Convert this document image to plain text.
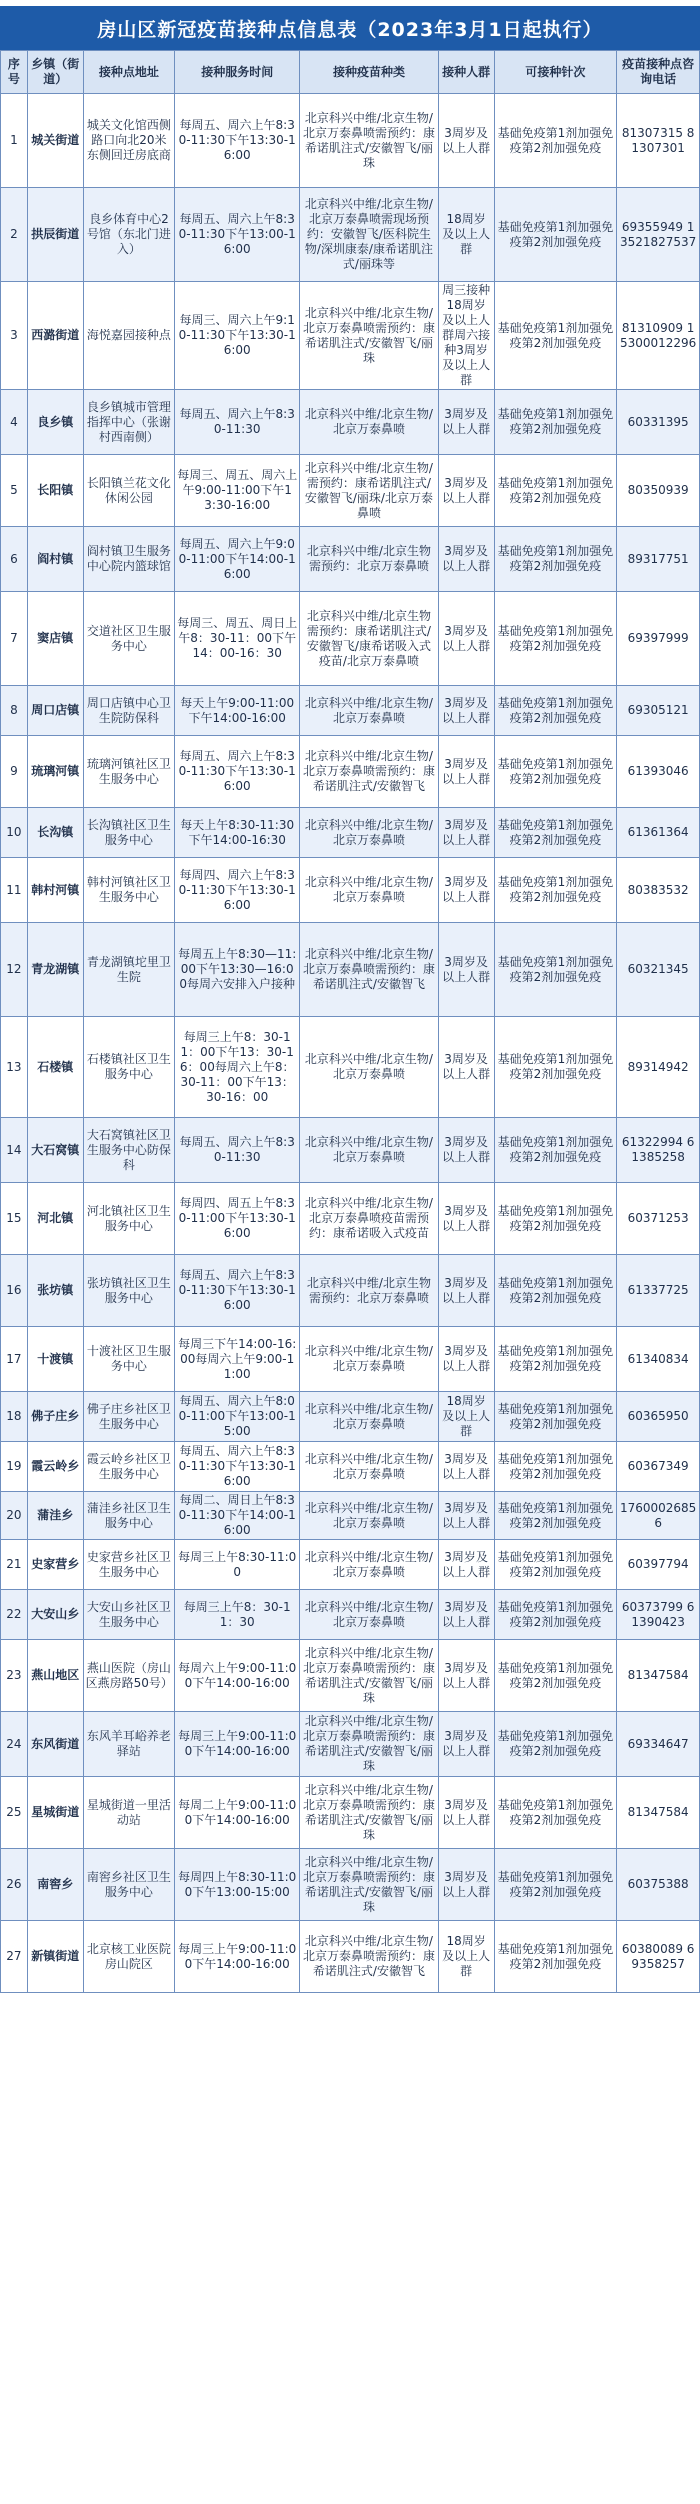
房山区新冠疫苗接种点信息表（2023年3月1日起执行）
序号	乡镇（街道）	接种点地址	接种服务时间	接种疫苗种类	接种人群	可接种针次	疫苗接种点咨询电话
1	城关街道	城关文化馆西侧路口向北20米东侧回迁房底商	每周五、周六上午8:30-11:30下午13:30-16:00	北京科兴中维/北京生物/北京万泰鼻喷需预约：康希诺肌注式/安徽智飞/丽珠	3周岁及以上人群	基础免疫第1剂加强免疫第2剂加强免疫	81307315 81307301
2	拱辰街道	良乡体育中心2号馆（东北门进入）	每周五、周六上午8:30-11:30下午13:00-16:00	北京科兴中维/北京生物/北京万泰鼻喷需现场预约：安徽智飞/医科院生物/深圳康泰/康希诺肌注式/丽珠等	18周岁及以上人群	基础免疫第1剂加强免疫第2剂加强免疫	69355949 13521827537
3	西潞街道	海悦嘉园接种点	每周三、周六上午9:10-11:30下午13:30-16:00	北京科兴中维/北京生物/北京万泰鼻喷需预约：康希诺肌注式/安徽智飞/丽珠	周三接种18周岁及以上人群周六接种3周岁及以上人群	基础免疫第1剂加强免疫第2剂加强免疫	81310909 15300012296
4	良乡镇	良乡镇城市管理指挥中心（张谢村西南侧）	每周五、周六上午8:30-11:30	北京科兴中维/北京生物/北京万泰鼻喷	3周岁及以上人群	基础免疫第1剂加强免疫第2剂加强免疫	60331395
5	长阳镇	长阳镇兰花文化休闲公园	每周三、周五、周六上午9:00-11:00下午13:30-16:00	北京科兴中维/北京生物/需预约：康希诺肌注式/安徽智飞/丽珠/北京万泰鼻喷	3周岁及以上人群	基础免疫第1剂加强免疫第2剂加强免疫	80350939
6	阎村镇	阎村镇卫生服务中心院内篮球馆	每周五、周六上午9:00-11:00下午14:00-16:00	北京科兴中维/北京生物需预约：北京万泰鼻喷	3周岁及以上人群	基础免疫第1剂加强免疫第2剂加强免疫	89317751
7	窦店镇	交道社区卫生服务中心	每周三、周五、周日上午8：30-11：00下午14：00-16：30	北京科兴中维/北京生物需预约：康希诺肌注式/安徽智飞/康希诺吸入式疫苗/北京万泰鼻喷	3周岁及以上人群	基础免疫第1剂加强免疫第2剂加强免疫	69397999
8	周口店镇	周口店镇中心卫生院防保科	每天上午9:00-11:00下午14:00-16:00	北京科兴中维/北京生物/北京万泰鼻喷	3周岁及以上人群	基础免疫第1剂加强免疫第2剂加强免疫	69305121
9	琉璃河镇	琉璃河镇社区卫生服务中心	每周五、周六上午8:30-11:30下午13:30-16:00	北京科兴中维/北京生物/北京万泰鼻喷需预约：康希诺肌注式/安徽智飞	3周岁及以上人群	基础免疫第1剂加强免疫第2剂加强免疫	61393046
10	长沟镇	长沟镇社区卫生服务中心	每天上午8:30-11:30下午14:00-16:30	北京科兴中维/北京生物/北京万泰鼻喷	3周岁及以上人群	基础免疫第1剂加强免疫第2剂加强免疫	61361364
11	韩村河镇	韩村河镇社区卫生服务中心	每周四、周六上午8:30-11:30下午13:30-16:00	北京科兴中维/北京生物/北京万泰鼻喷	3周岁及以上人群	基础免疫第1剂加强免疫第2剂加强免疫	80383532
12	青龙湖镇	青龙湖镇坨里卫生院	每周五上午8:30—11:00下午13:30—16:00每周六安排入户接种	北京科兴中维/北京生物/北京万泰鼻喷需预约：康希诺肌注式/安徽智飞	3周岁及以上人群	基础免疫第1剂加强免疫第2剂加强免疫	60321345
13	石楼镇	石楼镇社区卫生服务中心	每周三上午8：30-11：00下午13：30-16：00每周六上午8：30-11：00下午13：30-16：00	北京科兴中维/北京生物/北京万泰鼻喷	3周岁及以上人群	基础免疫第1剂加强免疫第2剂加强免疫	89314942
14	大石窝镇	大石窝镇社区卫生服务中心防保科	每周五、周六上午8:30-11:30	北京科兴中维/北京生物/北京万泰鼻喷	3周岁及以上人群	基础免疫第1剂加强免疫第2剂加强免疫	61322994 61385258
15	河北镇	河北镇社区卫生服务中心	每周四、周五上午8:30-11:00下午13:30-16:00	北京科兴中维/北京生物/北京万泰鼻喷疫苗需预约：康希诺吸入式疫苗	3周岁及以上人群	基础免疫第1剂加强免疫第2剂加强免疫	60371253
16	张坊镇	张坊镇社区卫生服务中心	每周五、周六上午8:30-11:30下午13:30-16:00	北京科兴中维/北京生物需预约：北京万泰鼻喷	3周岁及以上人群	基础免疫第1剂加强免疫第2剂加强免疫	61337725
17	十渡镇	十渡社区卫生服务中心	每周三下午14:00-16:00每周六上午9:00-11:00	北京科兴中维/北京生物/北京万泰鼻喷	3周岁及以上人群	基础免疫第1剂加强免疫第2剂加强免疫	61340834
18	佛子庄乡	佛子庄乡社区卫生服务中心	每周五、周六上午8:00-11:00下午13:00-15:00	北京科兴中维/北京生物/北京万泰鼻喷	18周岁及以上人群	基础免疫第1剂加强免疫第2剂加强免疫	60365950
19	霞云岭乡	霞云岭乡社区卫生服务中心	每周五、周六上午8:30-11:30下午13:30-16:00	北京科兴中维/北京生物/北京万泰鼻喷	3周岁及以上人群	基础免疫第1剂加强免疫第2剂加强免疫	60367349
20	蒲洼乡	蒲洼乡社区卫生服务中心	每周二、周日上午8:30-11:30下午14:00-16:00	北京科兴中维/北京生物/北京万泰鼻喷	3周岁及以上人群	基础免疫第1剂加强免疫第2剂加强免疫	17600026856
21	史家营乡	史家营乡社区卫生服务中心	每周三上午8:30-11:00	北京科兴中维/北京生物/北京万泰鼻喷	3周岁及以上人群	基础免疫第1剂加强免疫第2剂加强免疫	60397794
22	大安山乡	大安山乡社区卫生服务中心	每周三上午8：30-11：30	北京科兴中维/北京生物/北京万泰鼻喷	3周岁及以上人群	基础免疫第1剂加强免疫第2剂加强免疫	60373799 61390423
23	燕山地区	燕山医院（房山区燕房路50号）	每周六上午9:00-11:00下午14:00-16:00	北京科兴中维/北京生物/北京万泰鼻喷需预约：康希诺肌注式/安徽智飞/丽珠	3周岁及以上人群	基础免疫第1剂加强免疫第2剂加强免疫	81347584
24	东风街道	东风羊耳峪养老驿站	每周三上午9:00-11:00下午14:00-16:00	北京科兴中维/北京生物/北京万泰鼻喷需预约：康希诺肌注式/安徽智飞/丽珠	3周岁及以上人群	基础免疫第1剂加强免疫第2剂加强免疫	69334647
25	星城街道	星城街道一里活动站	每周二上午9:00-11:00下午14:00-16:00	北京科兴中维/北京生物/北京万泰鼻喷需预约：康希诺肌注式/安徽智飞/丽珠	3周岁及以上人群	基础免疫第1剂加强免疫第2剂加强免疫	81347584
26	南窖乡	南窖乡社区卫生服务中心	每周四上午8:30-11:00下午13:00-15:00	北京科兴中维/北京生物/北京万泰鼻喷需预约：康希诺肌注式/安徽智飞/丽珠	3周岁及以上人群	基础免疫第1剂加强免疫第2剂加强免疫	60375388
27	新镇街道	北京核工业医院房山院区	每周三上午9:00-11:00下午14:00-16:00	北京科兴中维/北京生物/北京万泰鼻喷需预约：康希诺肌注式/安徽智飞	18周岁及以上人群	基础免疫第1剂加强免疫第2剂加强免疫	60380089 69358257
